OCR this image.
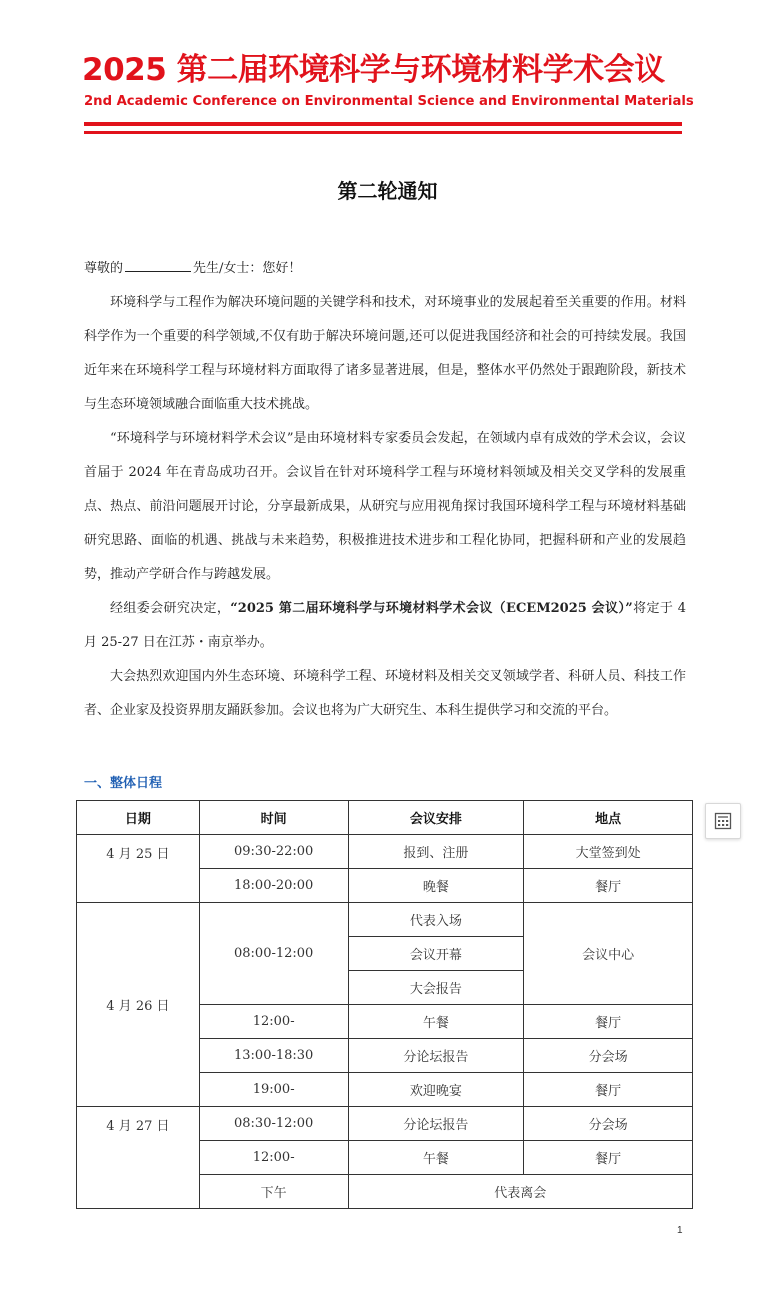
2025 第二届环境科学与环境材料学术会议
2nd Academic Conference on Environmental Science and Environmental Materials
第二轮通知

尊敬的	先生/女士：您好！

环境科学与工程作为解决环境问题的关键学科和技术，对环境事业的发展起着至关重要的作用。材料科学作为一个重要的科学领域,不仅有助于解决环境问题,还可以促进我国经济和社会的可持续发展。我国近年来在环境科学工程与环境材料方面取得了诸多显著进展，但是，整体水平仍然处于跟跑阶段，新技术与生态环境领域融合面临重大技术挑战。

“环境科学与环境材料学术会议”是由环境材料专家委员会发起，在领域内卓有成效的学术会议，会议首届于 2024 年在青岛成功召开。会议旨在针对环境科学工程与环境材料领域及相关交叉学科的发展重点、热点、前沿问题展开讨论，分享最新成果，从研究与应用视角探讨我国环境科学工程与环境材料基础研究思路、面临的机遇、挑战与未来趋势，积极推进技术进步和工程化协同，把握科研和产业的发展趋势，推动产学研合作与跨越发展。

经组委会研究决定，“2025 第二届环境科学与环境材料学术会议（ECEM2025 会议）”将定于 4 月 25-27 日在江苏・南京举办。

大会热烈欢迎国内外生态环境、环境科学工程、环境材料及相关交叉领域学者、科研人员、科技工作者、企业家及投资界朋友踊跃参加。会议也将为广大研究生、本科生提供学习和交流的平台。

一、整体日程
日期	时间	会议安排	地点
4 月 25 日	09:30-22:00	报到、注册	大堂签到处
	18:00-20:00	晚餐	餐厅
4 月 26 日	08:00-12:00	代表入场	会议中心
		会议开幕	
		大会报告	
	12:00-	午餐	餐厅
	13:00-18:30	分论坛报告	分会场
	19:00-	欢迎晚宴	餐厅
4 月 27 日	08:30-12:00	分论坛报告	分会场
	12:00-	午餐	餐厅
	下午	代表离会	
1
